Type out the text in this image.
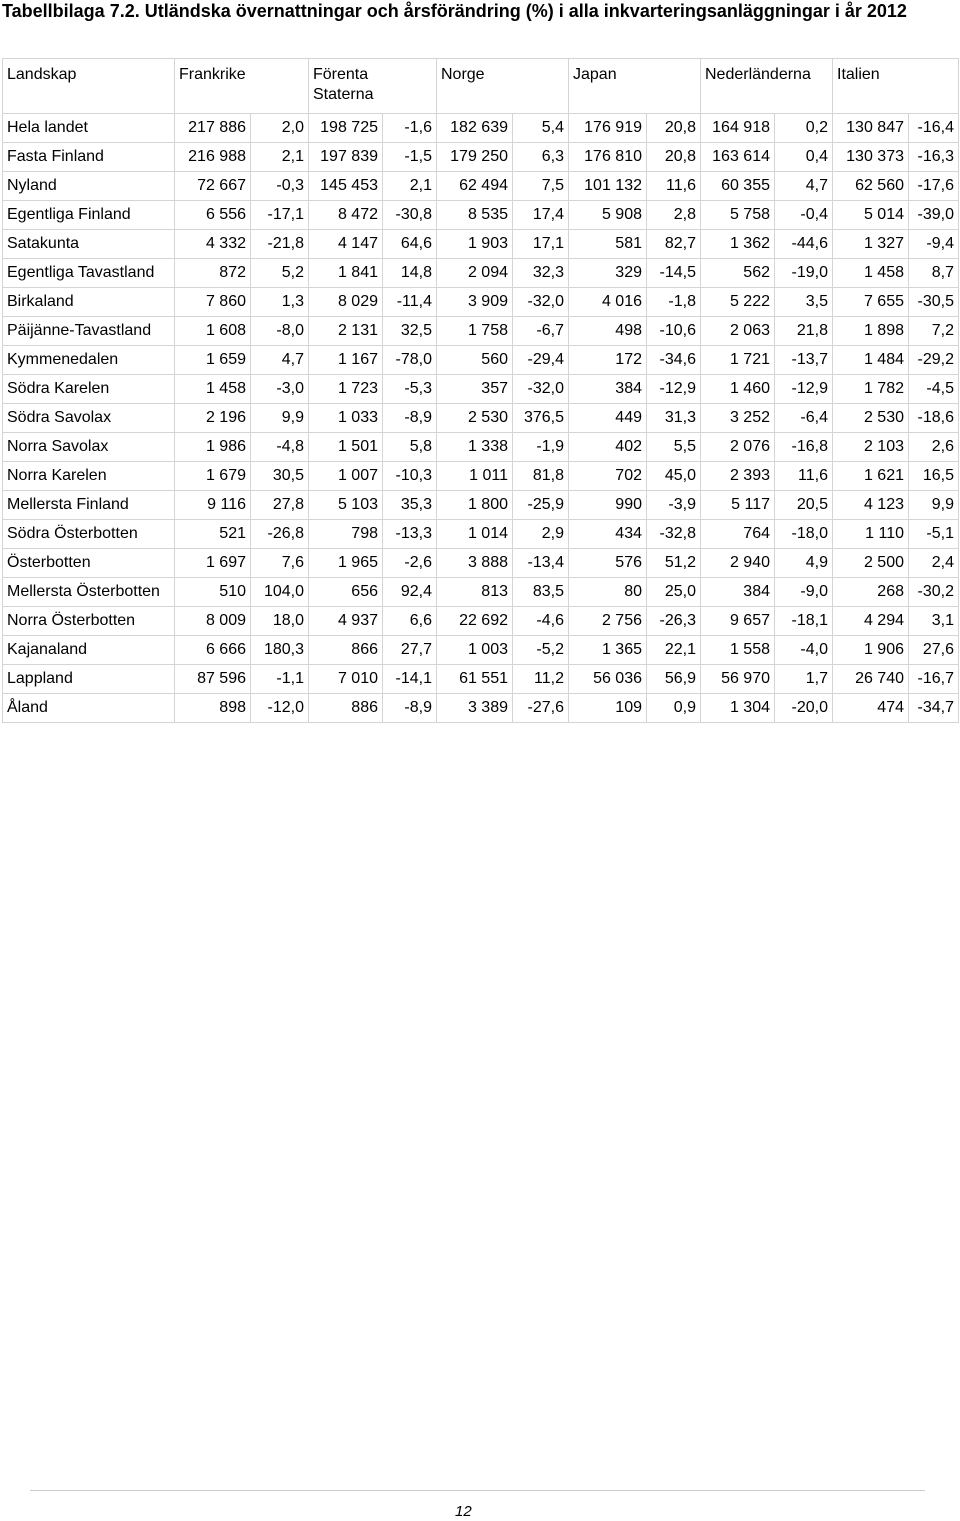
Tabellbilaga 7.2. Utländska övernattningar och årsförändring (%) i alla inkvarteringsanläggningar i år 2012
Landskap	Frankrike		Förenta Staterna		Norge		Japan		Nederländerna		Italien	
Hela landet	217 886	2,0	198 725	-1,6	182 639	5,4	176 919	20,8	164 918	0,2	130 847	-16,4
Fasta Finland	216 988	2,1	197 839	-1,5	179 250	6,3	176 810	20,8	163 614	0,4	130 373	-16,3
Nyland	72 667	-0,3	145 453	2,1	62 494	7,5	101 132	11,6	60 355	4,7	62 560	-17,6
Egentliga Finland	6 556	-17,1	8 472	-30,8	8 535	17,4	5 908	2,8	5 758	-0,4	5 014	-39,0
Satakunta	4 332	-21,8	4 147	64,6	1 903	17,1	581	82,7	1 362	-44,6	1 327	-9,4
Egentliga Tavastland	872	5,2	1 841	14,8	2 094	32,3	329	-14,5	562	-19,0	1 458	8,7
Birkaland	7 860	1,3	8 029	-11,4	3 909	-32,0	4 016	-1,8	5 222	3,5	7 655	-30,5
Päijänne-Tavastland	1 608	-8,0	2 131	32,5	1 758	-6,7	498	-10,6	2 063	21,8	1 898	7,2
Kymmenedalen	1 659	4,7	1 167	-78,0	560	-29,4	172	-34,6	1 721	-13,7	1 484	-29,2
Södra Karelen	1 458	-3,0	1 723	-5,3	357	-32,0	384	-12,9	1 460	-12,9	1 782	-4,5
Södra Savolax	2 196	9,9	1 033	-8,9	2 530	376,5	449	31,3	3 252	-6,4	2 530	-18,6
Norra Savolax	1 986	-4,8	1 501	5,8	1 338	-1,9	402	5,5	2 076	-16,8	2 103	2,6
Norra Karelen	1 679	30,5	1 007	-10,3	1 011	81,8	702	45,0	2 393	11,6	1 621	16,5
Mellersta Finland	9 116	27,8	5 103	35,3	1 800	-25,9	990	-3,9	5 117	20,5	4 123	9,9
Södra Österbotten	521	-26,8	798	-13,3	1 014	2,9	434	-32,8	764	-18,0	1 110	-5,1
Österbotten	1 697	7,6	1 965	-2,6	3 888	-13,4	576	51,2	2 940	4,9	2 500	2,4
Mellersta Österbotten	510	104,0	656	92,4	813	83,5	80	25,0	384	-9,0	268	-30,2
Norra Österbotten	8 009	18,0	4 937	6,6	22 692	-4,6	2 756	-26,3	9 657	-18,1	4 294	3,1
Kajanaland	6 666	180,3	866	27,7	1 003	-5,2	1 365	22,1	1 558	-4,0	1 906	27,6
Lappland	87 596	-1,1	7 010	-14,1	61 551	11,2	56 036	56,9	56 970	1,7	26 740	-16,7
Åland	898	-12,0	886	-8,9	3 389	-27,6	109	0,9	1 304	-20,0	474	-34,7
12
